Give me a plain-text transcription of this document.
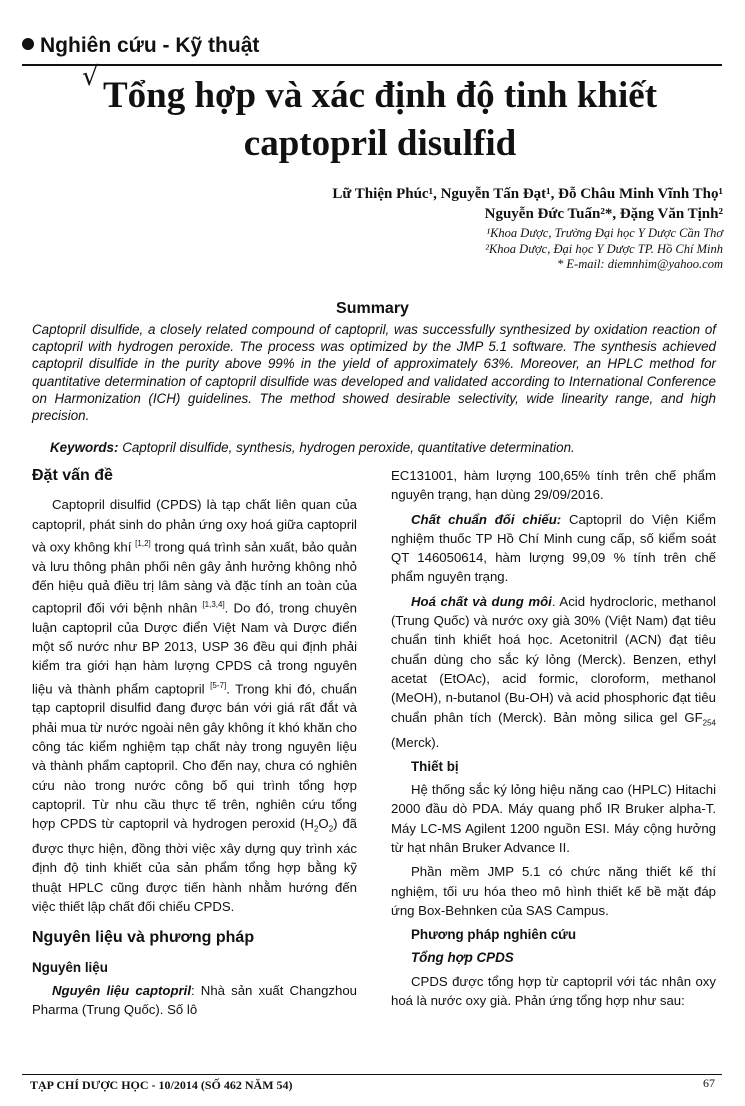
Nghiên cứu - Kỹ thuật
√ Tổng hợp và xác định độ tinh khiết
captopril disulfid
Lữ Thiện Phúc¹, Nguyễn Tấn Đạt¹, Đỗ Châu Minh Vĩnh Thọ¹
Nguyễn Đức Tuấn²*, Đặng Văn Tịnh²
¹Khoa Dược, Trường Đại học Y Dược Cần Thơ
²Khoa Dược, Đại học Y Dược TP. Hồ Chí Minh
* E-mail: diemnhim@yahoo.com
Summary
Captopril disulfide, a closely related compound of captopril, was successfully synthesized by oxidation reaction of captopril with hydrogen peroxide. The process was optimized by the JMP 5.1 software. The synthesis achieved captopril disulfide in the purity above 99% in the yield of approximately 63%. Moreover, an HPLC method for quantitative determination of captopril disulfide was developed and validated according to International Conference on Harmonization (ICH) guidelines. The method showed desirable selectivity, wide linearity range, and high precision.
Keywords: Captopril disulfide, synthesis, hydrogen peroxide, quantitative determination.
Đặt vấn đề

Captopril disulfid (CPDS) là tạp chất liên quan của captopril, phát sinh do phản ứng oxy hoá giữa captopril và oxy không khí [1,2] trong quá trình sản xuất, bảo quản và lưu thông phân phối nên gây ảnh hưởng không nhỏ đến hiệu quả điều trị lâm sàng và đặc tính an toàn của captopril đối với bệnh nhân [1,3,4]. Do đó, trong chuyên luận captopril của Dược điển Việt Nam và Dược điển một số nước như BP 2013, USP 36 đều qui định phải kiểm tra giới hạn hàm lượng CPDS cả trong nguyên liệu và thành phẩm captopril [5-7]. Trong khi đó, chuẩn tạp captopril disulfid đang được bán với giá rất đắt và phải mua từ nước ngoài nên gây không ít khó khăn cho công tác kiểm nghiệm tạp chất này trong nguyên liệu và thành phẩm captopril. Cho đến nay, chưa có nghiên cứu nào trong nước công bố qui trình tổng hợp captopril. Từ nhu cầu thực tế trên, nghiên cứu tổng hợp CPDS từ captopril và hydrogen peroxid $(H_2O_2)$ đã được thực hiện, đồng thời việc xây dựng quy trình xác định độ tinh khiết của sản phẩm tổng hợp bằng kỹ thuật HPLC cũng được tiến hành nhằm hướng đến việc thiết lập chất đối chiếu CPDS.

Nguyên liệu và phương pháp
Nguyên liệu

Nguyên liệu captopril: Nhà sản xuất Changzhou Pharma (Trung Quốc). Số lô

EC131001, hàm lượng 100,65% tính trên chế phẩm nguyên trạng, hạn dùng 29/09/2016.

Chất chuẩn đối chiếu: Captopril do Viện Kiểm nghiệm thuốc TP Hồ Chí Minh cung cấp, số kiểm soát QT 146050614, hàm lượng 99,09 % tính trên chế phẩm nguyên trạng.

Hoá chất và dung môi. Acid hydrocloric, methanol (Trung Quốc) và nước oxy già 30% (Việt Nam) đạt tiêu chuẩn tinh khiết hoá học. Acetonitril (ACN) đạt tiêu chuẩn dùng cho sắc ký lỏng (Merck). Benzen, ethyl acetat (EtOAc), acid formic, cloroform, methanol (MeOH), n-butanol (Bu-OH) và acid phosphoric đạt tiêu chuẩn phân tích (Merck). Bản mỏng silica gel $GF_{254}$ (Merck).

Thiết bị

Hệ thống sắc ký lỏng hiệu năng cao (HPLC) Hitachi 2000 đầu dò PDA. Máy quang phổ IR Bruker alpha-T. Máy LC-MS Agilent 1200 nguồn ESI. Máy cộng hưởng từ hạt nhân Bruker Advance II.

Phần mềm JMP 5.1 có chức năng thiết kế thí nghiệm, tối ưu hóa theo mô hình thiết kế bề mặt đáp ứng Box-Behnken của SAS Campus.

Phương pháp nghiên cứu
Tổng hợp CPDS

CPDS được tổng hợp từ captopril với tác nhân oxy hoá là nước oxy già. Phản ứng tổng hợp như sau:

TẠP CHÍ DƯỢC HỌC - 10/2014 (SỐ 462 NĂM 54)	67
